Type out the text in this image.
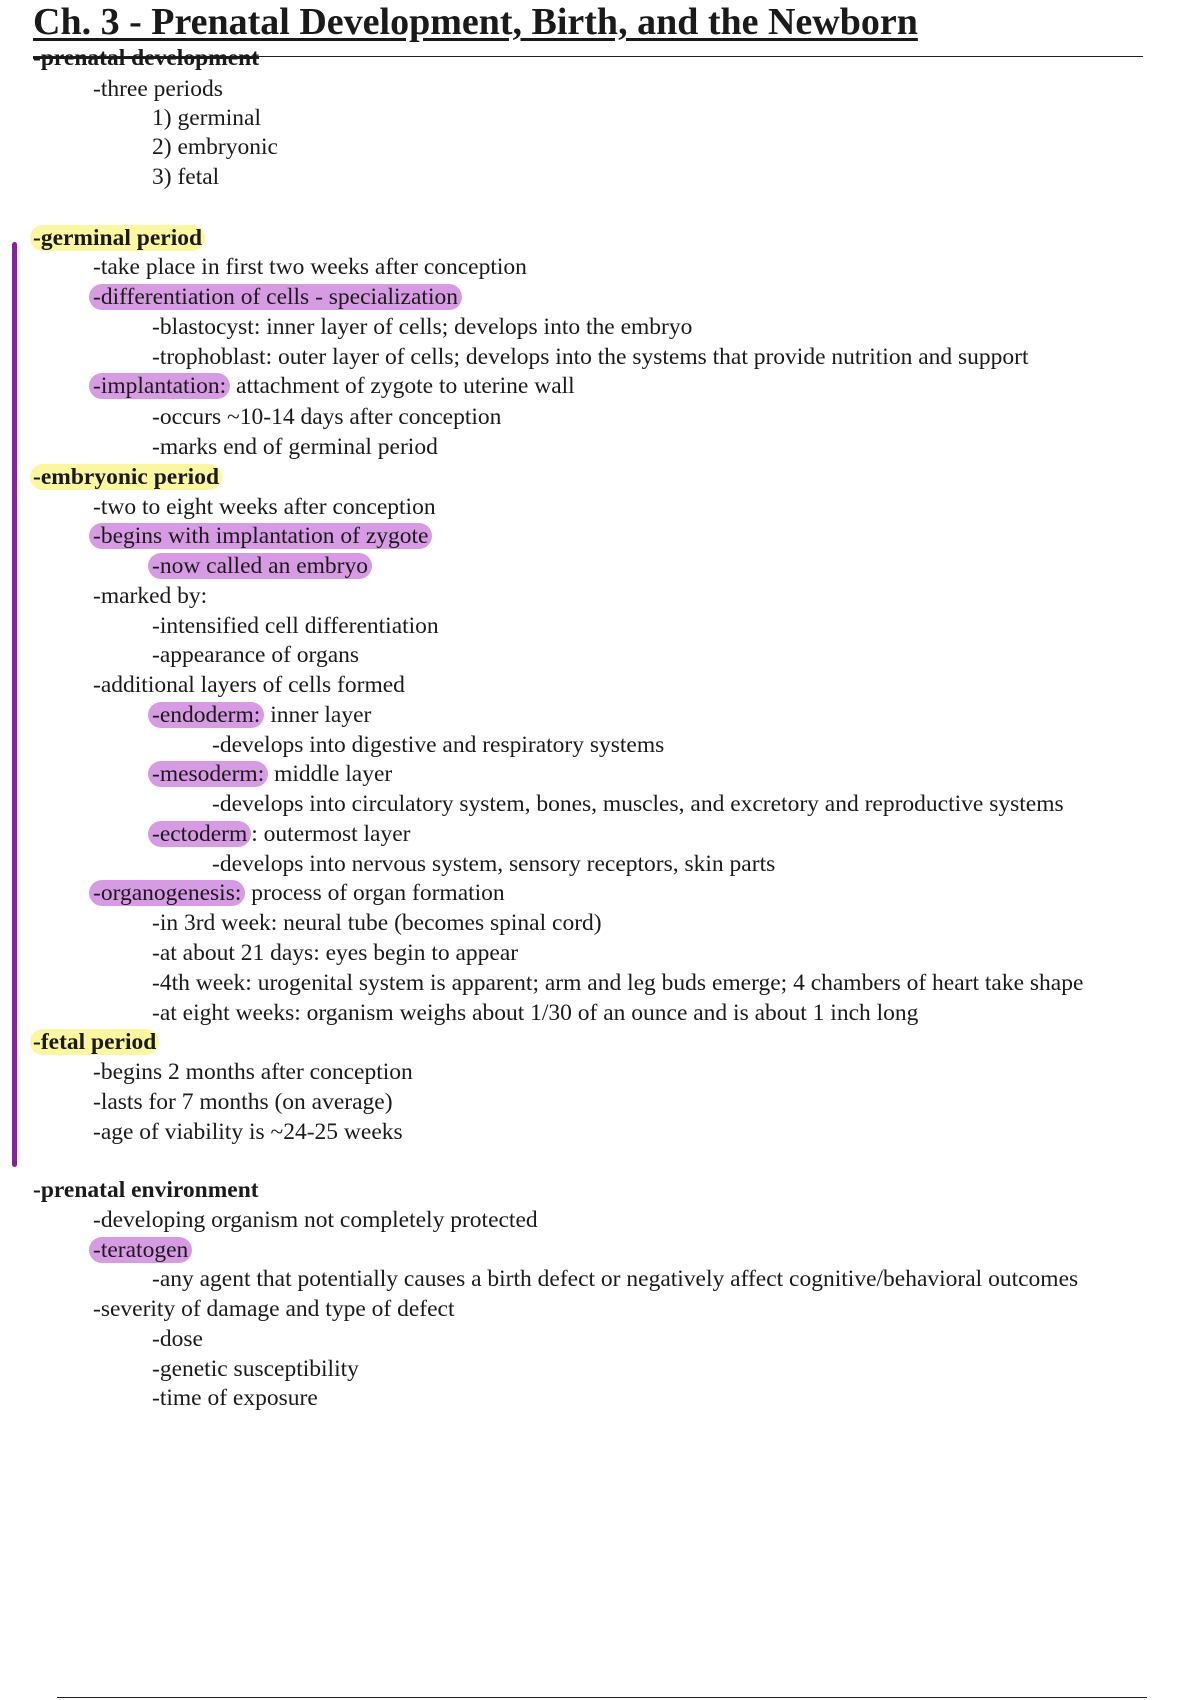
Ch. 3 - Prenatal Development, Birth, and the Newborn
-prenatal development
-three periods
1) germinal
2) embryonic
3) fetal
-germinal period
-take place in first two weeks after conception
-differentiation of cells - specialization
-blastocyst: inner layer of cells; develops into the embryo
-trophoblast: outer layer of cells; develops into the systems that provide nutrition and support
-implantation: attachment of zygote to uterine wall
-occurs ~10-14 days after conception
-marks end of germinal period
-embryonic period
-two to eight weeks after conception
-begins with implantation of zygote
-now called an embryo
-marked by:
-intensified cell differentiation
-appearance of organs
-additional layers of cells formed
-endoderm: inner layer
-develops into digestive and respiratory systems
-mesoderm: middle layer
-develops into circulatory system, bones, muscles, and excretory and reproductive systems
-ectoderm : outermost layer
-develops into nervous system, sensory receptors, skin parts
-organogenesis: process of organ formation
-in 3rd week: neural tube (becomes spinal cord)
-at about 21 days: eyes begin to appear
-4th week: urogenital system is apparent; arm and leg buds emerge; 4 chambers of heart take shape
-at eight weeks: organism weighs about 1/30 of an ounce and is about 1 inch long
-fetal period
-begins 2 months after conception
-lasts for 7 months (on average)
-age of viability is ~24-25 weeks
-prenatal environment
-developing organism not completely protected
-teratogen
-any agent that potentially causes a birth defect or negatively affect cognitive/behavioral outcomes
-severity of damage and type of defect
-dose
-genetic susceptibility
-time of exposure
